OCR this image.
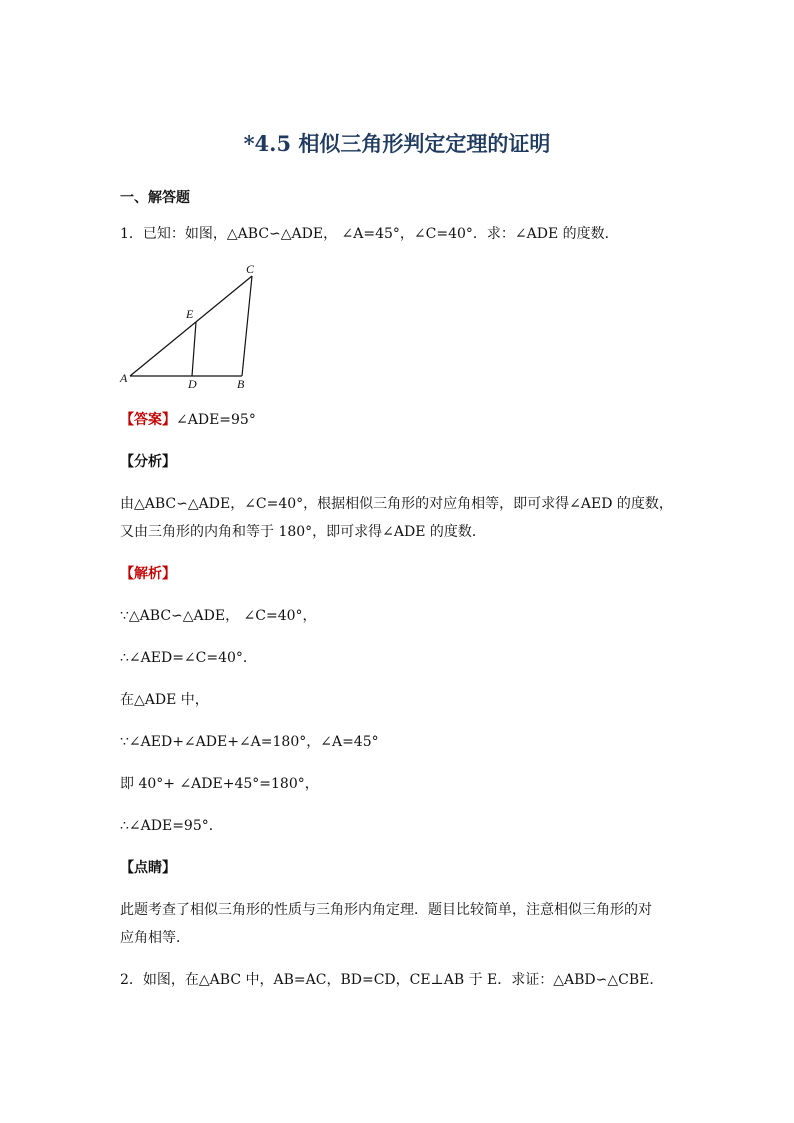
*4.5 相似三角形判定定理的证明
一、解答题
1．已知：如图，△ABC∽△ADE， ∠A=45°，∠C=40°．求：∠ADE 的度数．
A	B
C
D
E
【答案】∠ADE=95°
【分析】
由△ABC∽△ADE，∠C=40°，根据相似三角形的对应角相等，即可求得∠AED 的度数，
又由三角形的内角和等于 180°，即可求得∠ADE 的度数．
【解析】
∵△ABC∽△ADE， ∠C=40°，
∴∠AED=∠C=40°．
在△ADE 中，
∵∠AED+∠ADE+∠A=180°，∠A=45°
即 40°+ ∠ADE+45°=180°，
∴∠ADE=95°．
【点睛】
此题考查了相似三角形的性质与三角形内角定理．题目比较简单，注意相似三角形的对
应角相等．
2．如图，在△ABC 中，AB=AC，BD=CD，CE⊥AB 于 E．求证：△ABD∽△CBE．
